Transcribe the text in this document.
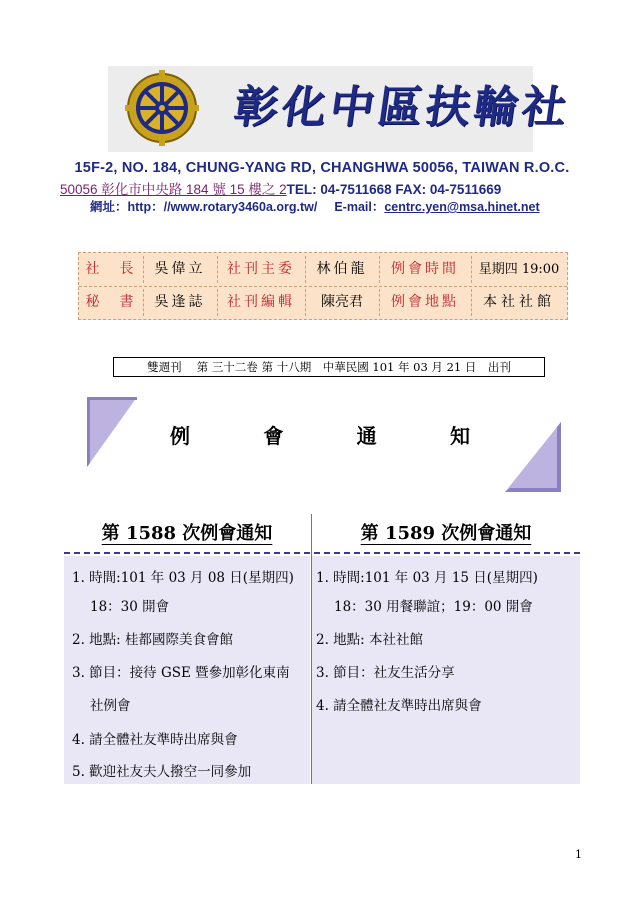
彰化中區扶輪社
15F-2, NO. 184, CHUNG-YANG RD, CHANGHWA 50056, TAIWAN R.O.C.
50056 彰化市中央路 184 號 15 樓之 2TEL: 04-7511668 FAX: 04-7511669
網址：http：//www.rotary3460a.org.tw/ E-mail：centrc.yen@msa.hinet.net
社　長	吳偉立	社刊主委	林伯龍	例會時間	星期四 19:00
秘　書	吳逢誌	社刊編輯	陳亮君	例會地點	本社社館
雙週刊　 第 三十二卷 第 十八期　中華民國 101 年 03 月 21 日　出刊
例	會	通	知
第 1588 次例會通知	第 1589 次例會通知
1. 時間:101 年 03 月 08 日(星期四)
18：30 開會
2. 地點: 桂都國際美食會館
3. 節目：接待 GSE 暨參加彰化東南
社例會
4. 請全體社友準時出席與會
5. 歡迎社友夫人撥空一同參加
1. 時間:101 年 03 月 15 日(星期四)
18：30 用餐聯誼；19：00 開會
2. 地點: 本社社館
3. 節目：社友生活分享
4. 請全體社友準時出席與會
1
